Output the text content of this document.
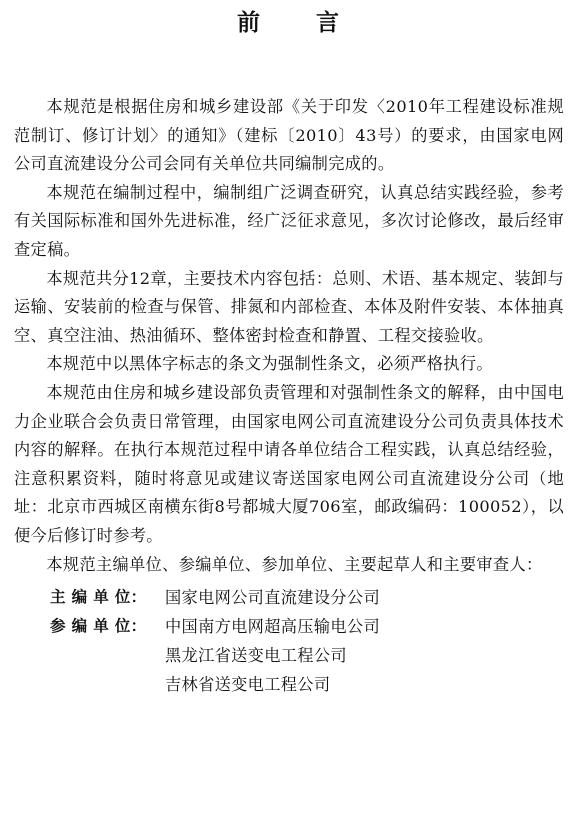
前 言

本规范是根据住房和城乡建设部《关于印发〈2010年工程建设标准规范制订、修订计划〉的通知》（建标〔2010〕43号）的要求，由国家电网公司直流建设分公司会同有关单位共同编制完成的。

本规范在编制过程中，编制组广泛调查研究，认真总结实践经验，参考有关国际标准和国外先进标准，经广泛征求意见，多次讨论修改，最后经审查定稿。

本规范共分12章，主要技术内容包括：总则、术语、基本规定、装卸与运输、安装前的检查与保管、排氮和内部检查、本体及附件安装、本体抽真空、真空注油、热油循环、整体密封检查和静置、工程交接验收。

本规范中以黑体字标志的条文为强制性条文，必须严格执行。

本规范由住房和城乡建设部负责管理和对强制性条文的解释，由中国电力企业联合会负责日常管理，由国家电网公司直流建设分公司负责具体技术内容的解释。在执行本规范过程中请各单位结合工程实践，认真总结经验，注意积累资料，随时将意见或建议寄送国家电网公司直流建设分公司（地址：北京市西城区南横东街8号都城大厦706室，邮政编码：100052），以便今后修订时参考。

本规范主编单位、参编单位、参加单位、主要起草人和主要审查人：

主 编 单 位：	国家电网公司直流建设分公司
参 编 单 位：	中国南方电网超高压输电公司
黑龙江省送变电工程公司
吉林省送变电工程公司
